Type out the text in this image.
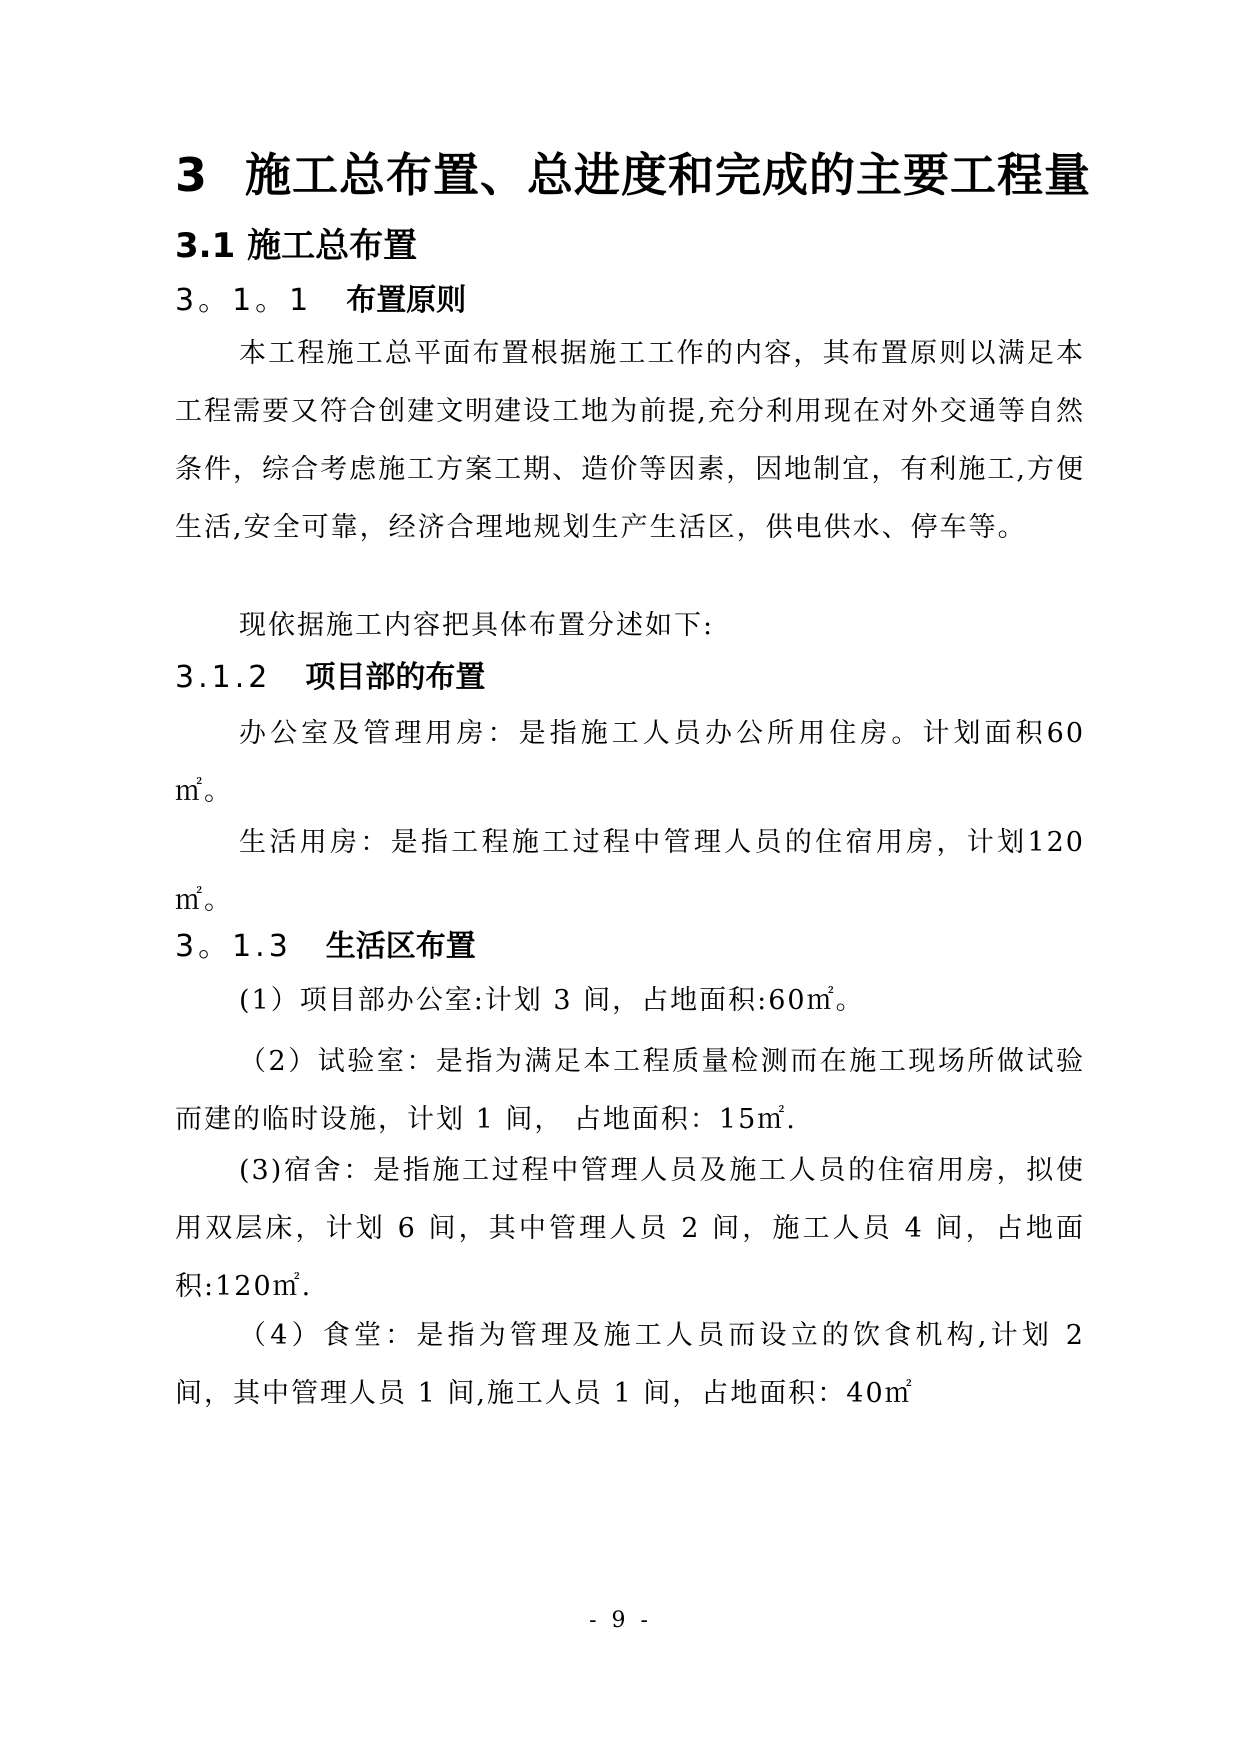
3 施工总布置、总进度和完成的主要工程量
3.1 施工总布置
3。1。1 布置原则
本工程施工总平面布置根据施工工作的内容，其布置原则以满足本工程需要又符合创建文明建设工地为前提,充分利用现在对外交通等自然条件，综合考虑施工方案工期、造价等因素，因地制宜，有利施工,方便生活,安全可靠，经济合理地规划生产生活区，供电供水、停车等。
现依据施工内容把具体布置分述如下:
3.1.2 项目部的布置
办公室及管理用房：是指施工人员办公所用住房。计划面积60㎡。
生活用房：是指工程施工过程中管理人员的住宿用房，计划120㎡。
3。1.3 生活区布置
(1）项目部办公室:计划 3 间，占地面积:60㎡。
（2）试验室：是指为满足本工程质量检测而在施工现场所做试验而建的临时设施，计划 1 间， 占地面积：15㎡.
(3)宿舍：是指施工过程中管理人员及施工人员的住宿用房，拟使用双层床，计划 6 间，其中管理人员 2 间，施工人员 4 间，占地面积:120㎡.
（4）食堂：是指为管理及施工人员而设立的饮食机构,计划 2 间，其中管理人员 1 间,施工人员 1 间，占地面积：40㎡
- 9 -
